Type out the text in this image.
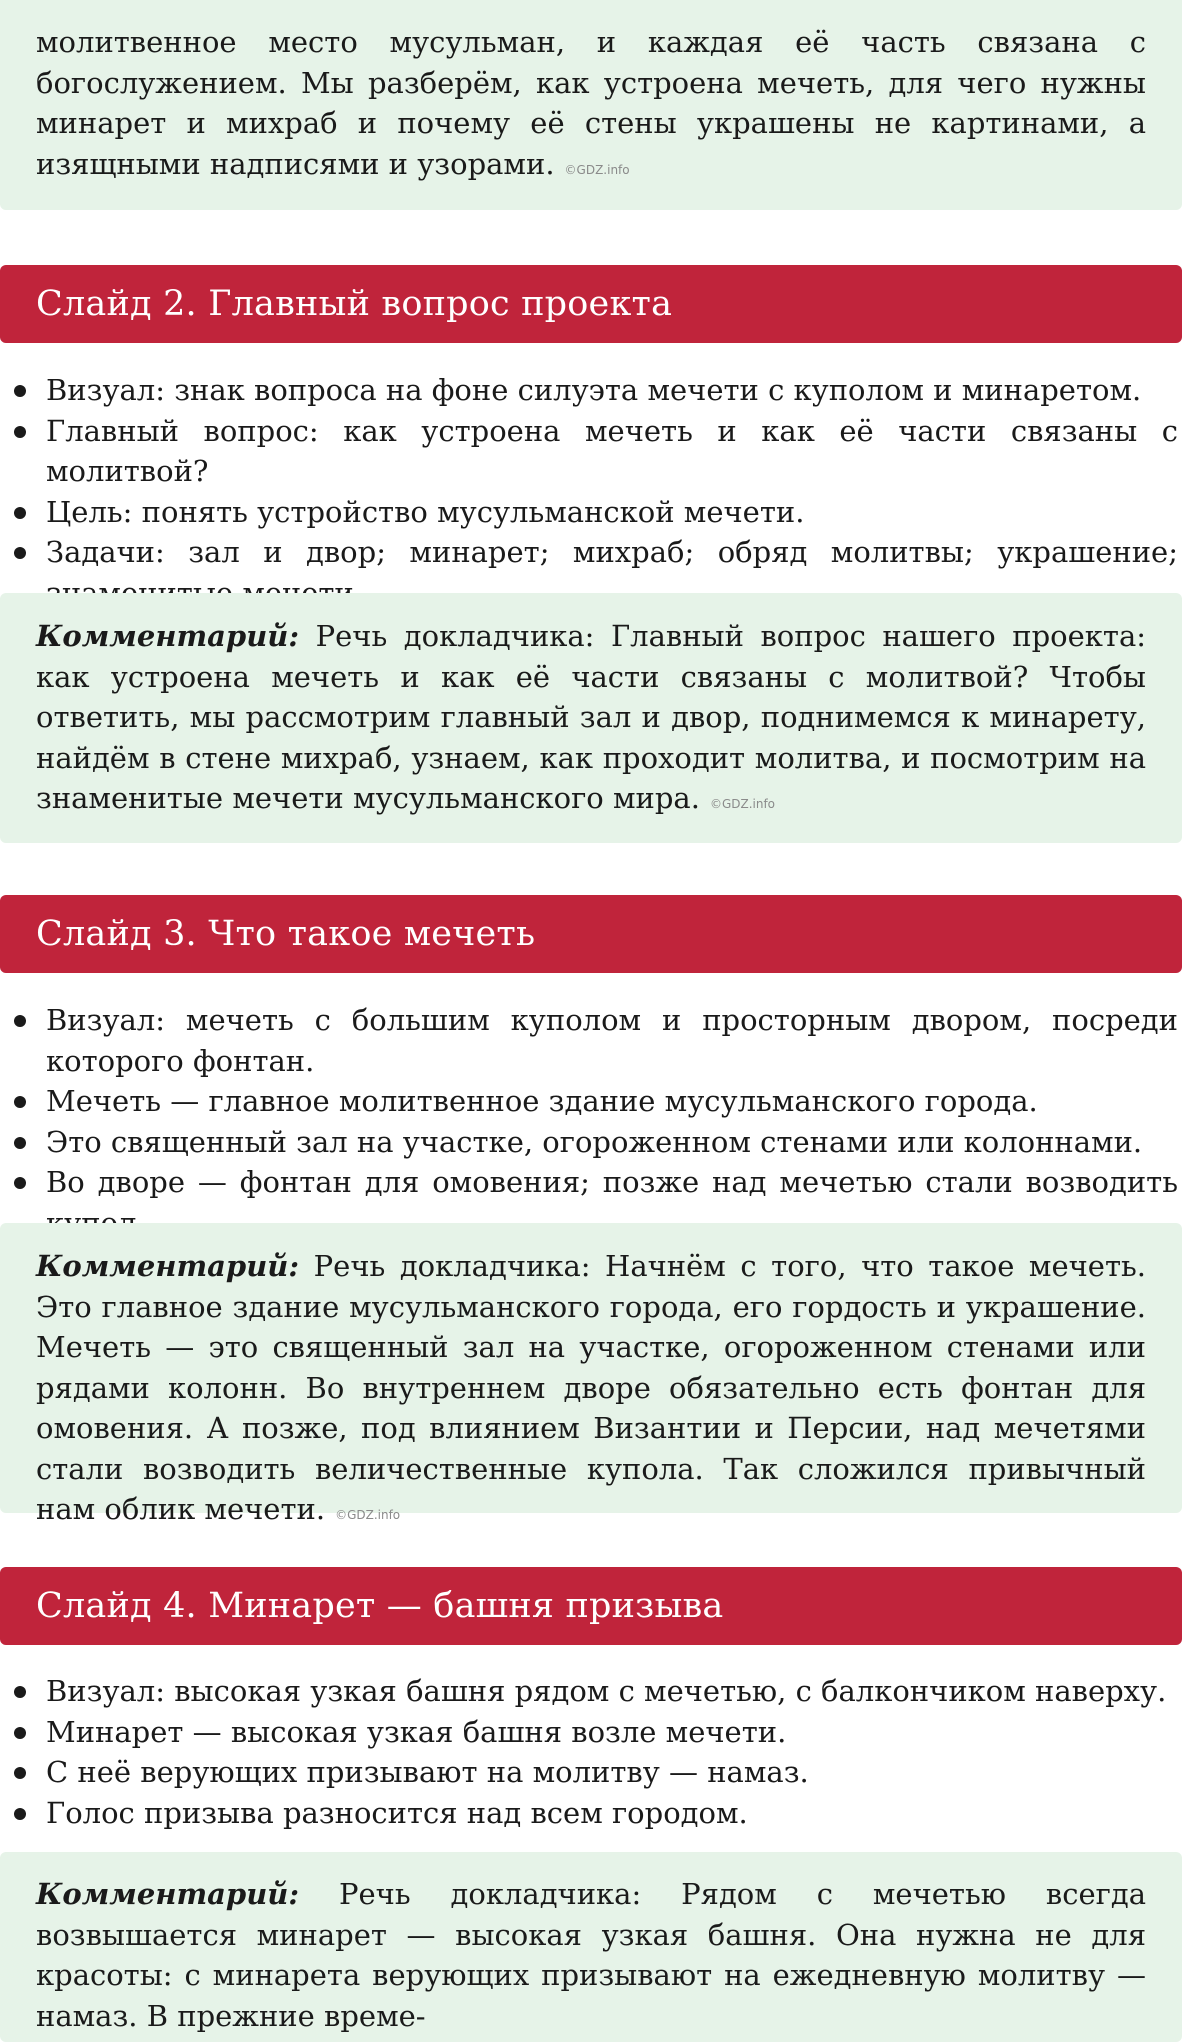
молитвенное место мусульман, и каждая её часть связана с богослужением. Мы разберём, как устроена мечеть, для чего нужны минарет и михраб и почему её стены украшены не картинами, а изящными надписями и узорами. ©GDZ.info

Слайд 2. Главный вопрос проекта
Визуал: знак вопроса на фоне силуэта мечети с куполом и минаретом.
Главный вопрос: как устроена мечеть и как её части связаны с молитвой?
Цель: понять устройство мусульманской мечети.
Задачи: зал и двор; минарет; михраб; обряд молитвы; украшение;

Комментарий: Речь докладчика: Главный вопрос нашего проекта: как устроена мечеть и как её части связаны с молитвой? Чтобы ответить, мы рассмотрим главный зал и двор, поднимемся к минарету, найдём в стене михраб, узнаем, как проходит молитва, и посмотрим на знаменитые мечети мусульманского мира. ©GDZ.info

Слайд 3. Что такое мечеть
Визуал: мечеть с большим куполом и просторным двором, посреди которого фонтан.
Мечеть — главное молитвенное здание мусульманского города.
Это священный зал на участке, огороженном стенами или колоннами.
Во дворе — фонтан для омовения; позже над мечетью стали возводить

Комментарий: Речь докладчика: Начнём с того, что такое мечеть. Это главное здание мусульманского города, его гордость и украшение. Мечеть — это священный зал на участке, огороженном стенами или рядами колонн. Во внутреннем дворе обязательно есть фонтан для омовения. А позже, под влиянием Византии и Персии, над мечетями стали возводить величественные купола. Так сложился привычный нам облик мечети. ©GDZ.info

Слайд 4. Минарет — башня призыва
Визуал: высокая узкая башня рядом с мечетью, с балкончиком наверху.
Минарет — высокая узкая башня возле мечети.
С неё верующих призывают на молитву — намаз.
Голос призыва разносится над всем городом.

Комментарий: Речь докладчика: Рядом с мечетью всегда возвышается минарет — высокая узкая башня. Она нужна не для красоты: с минарета верующих призывают на ежедневную молитву — намаз. В прежние време-
